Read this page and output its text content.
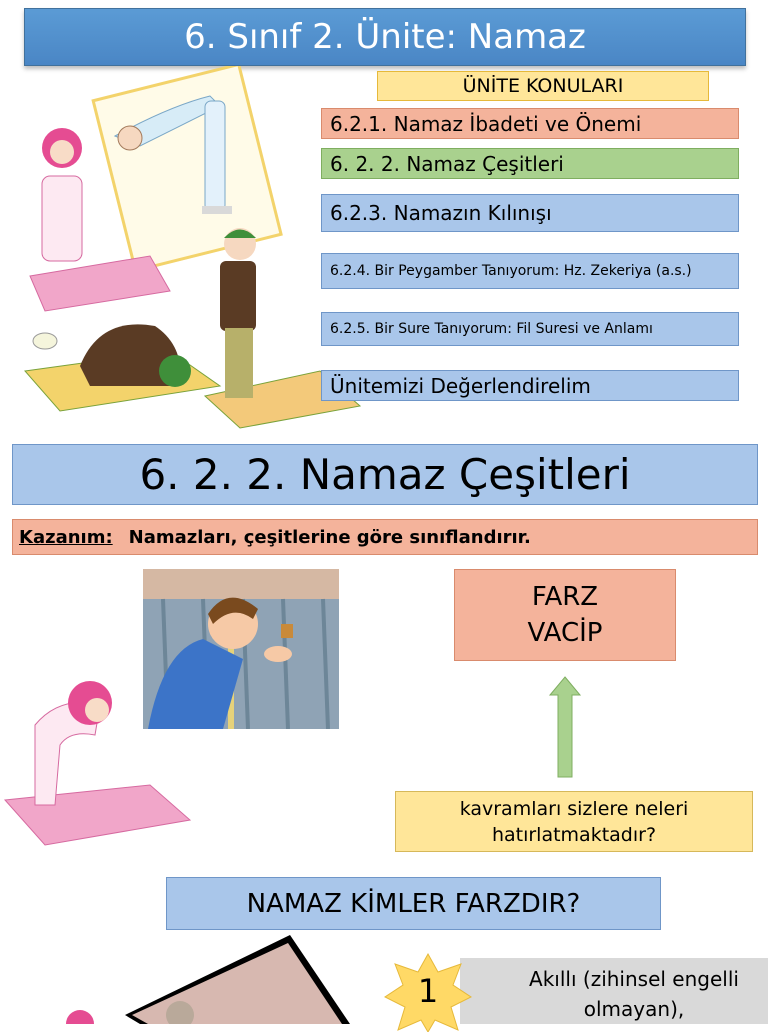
6. Sınıf 2. Ünite: Namaz
ÜNİTE KONULARI
6.2.1. Namaz İbadeti ve Önemi
6. 2. 2. Namaz Çeşitleri
6.2.3. Namazın Kılınışı
6.2.4. Bir Peygamber Tanıyorum: Hz. Zekeriya (a.s.)
6.2.5. Bir Sure Tanıyorum: Fil Suresi ve Anlamı
Ünitemizi Değerlendirelim
6. 2. 2. Namaz Çeşitleri
Kazanım: Namazları, çeşitlerine göre sınıflandırır.
FARZ
VACİP
kavramları sizlere neleri hatırlatmaktadır?
NAMAZ KİMLER FARZDIR?
Akıllı (zihinsel engelli olmayan),
1
